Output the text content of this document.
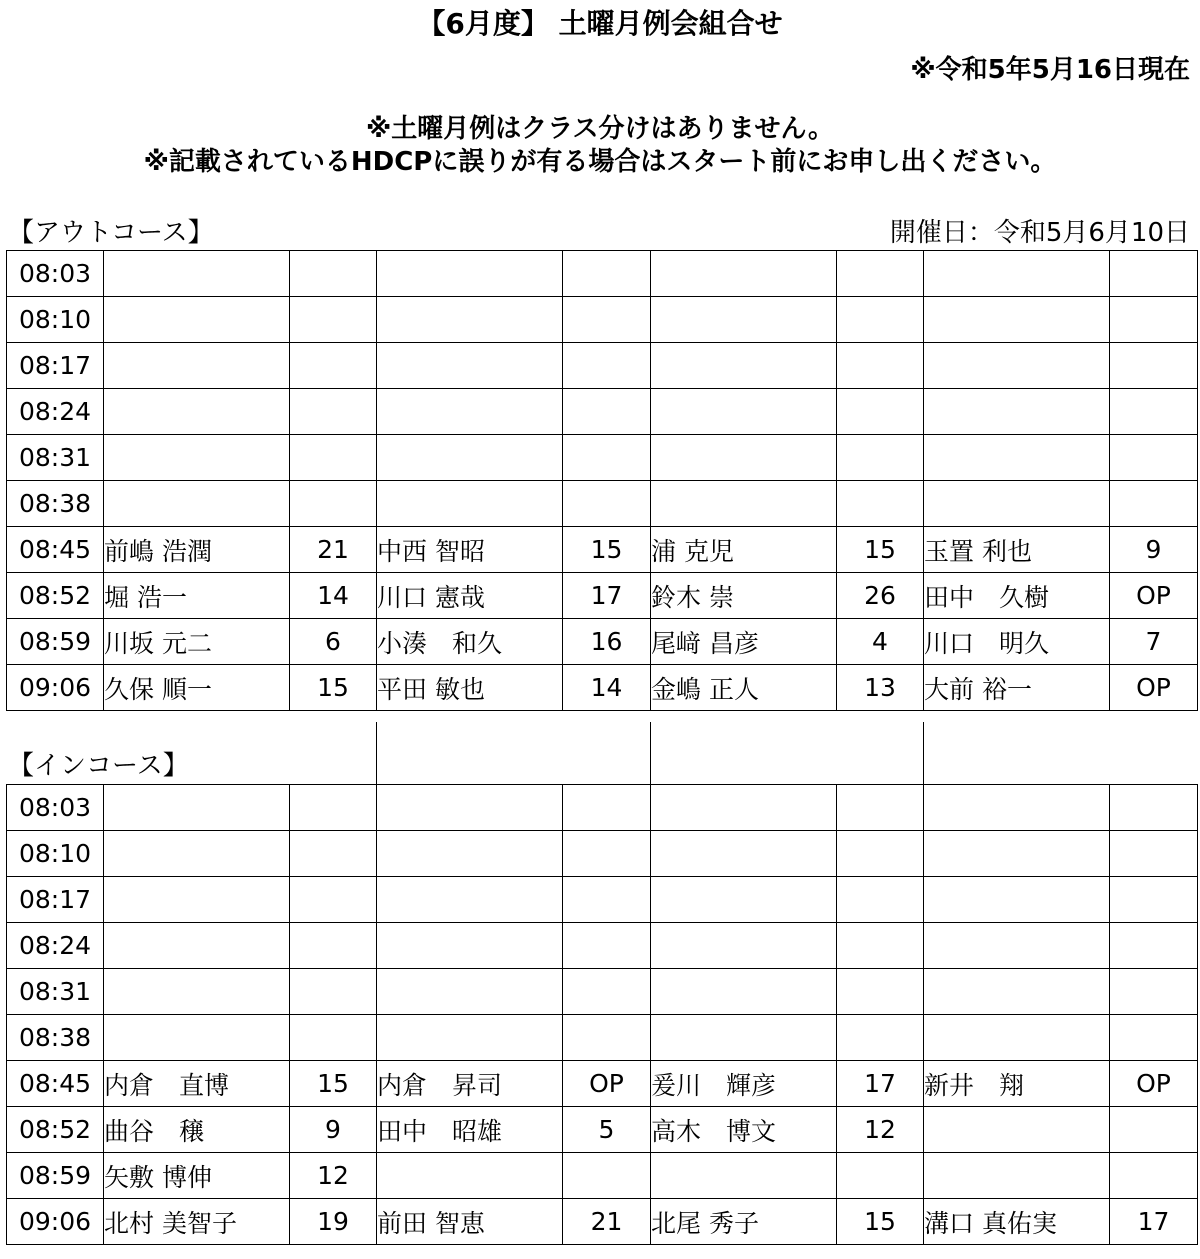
【6月度】 土曜月例会組合せ
※令和5年5月16日現在
※土曜月例はクラス分けはありません。
※記載されているHDCPに誤りが有る場合はスタート前にお申し出ください。
【アウトコース】	開催日：令和5月6月10日
08:03								
08:10								
08:17								
08:24								
08:31								
08:38								
08:45	前嶋 浩潤	21	中西 智昭	15	浦 克児	15	玉置 利也	9
08:52	堀 浩一	14	川口 憲哉	17	鈴木 崇	26	田中　久樹	OP
08:59	川坂 元二	6	小湊　和久	16	尾﨑 昌彦	4	川口　明久	7
09:06	久保 順一	15	平田 敏也	14	金嶋 正人	13	大前 裕一	OP
【インコース】
08:03								
08:10								
08:17								
08:24								
08:31								
08:38								
08:45	内倉　直博	15	内倉　昇司	OP	爰川　輝彦	17	新井　翔	OP
08:52	曲谷　穣	9	田中　昭雄	5	高木　博文	12		
08:59	矢敷 博伸	12						
09:06	北村 美智子	19	前田 智恵	21	北尾 秀子	15	溝口 真佑実	17
